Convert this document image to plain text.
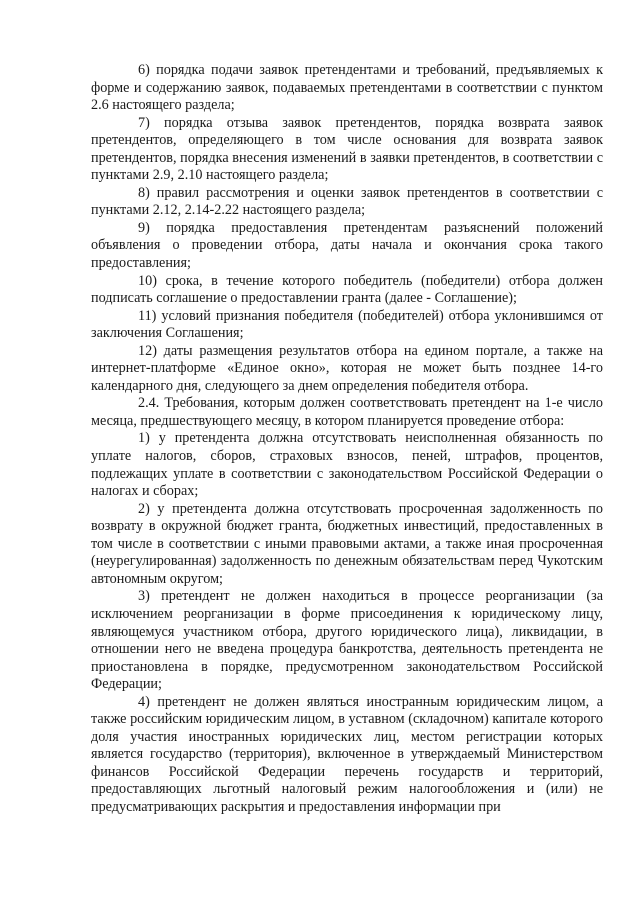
6) порядка подачи заявок претендентами и требований, предъявляемых к форме и содержанию заявок, подаваемых претендентами в соответствии с пунктом 2.6 настоящего раздела;

7) порядка отзыва заявок претендентов, порядка возврата заявок претендентов, определяющего в том числе основания для возврата заявок претендентов, порядка внесения изменений в заявки претендентов, в соответствии с пунктами 2.9, 2.10 настоящего раздела;

8) правил рассмотрения и оценки заявок претендентов в соответствии с пунктами 2.12, 2.14-2.22 настоящего раздела;

9) порядка предоставления претендентам разъяснений положений объявления о проведении отбора, даты начала и окончания срока такого предоставления;

10) срока, в течение которого победитель (победители) отбора должен подписать соглашение о предоставлении гранта (далее - Соглашение);

11) условий признания победителя (победителей) отбора уклонившимся от заключения Соглашения;

12) даты размещения результатов отбора на едином портале, а также на интернет-платформе «Единое окно», которая не может быть позднее 14-го календарного дня, следующего за днем определения победителя отбора.

2.4. Требования, которым должен соответствовать претендент на 1-е число месяца, предшествующего месяцу, в котором планируется проведение отбора:

1) у претендента должна отсутствовать неисполненная обязанность по уплате налогов, сборов, страховых взносов, пеней, штрафов, процентов, подлежащих уплате в соответствии с законодательством Российской Федерации о налогах и сборах;

2) у претендента должна отсутствовать просроченная задолженность по возврату в окружной бюджет гранта, бюджетных инвестиций, предоставленных в том числе в соответствии с иными правовыми актами, а также иная просроченная (неурегулированная) задолженность по денежным обязательствам перед Чукотским автономным округом;

3) претендент не должен находиться в процессе реорганизации (за исключением реорганизации в форме присоединения к юридическому лицу, являющемуся участником отбора, другого юридического лица), ликвидации, в отношении него не введена процедура банкротства, деятельность претендента не приостановлена в порядке, предусмотренном законодательством Российской Федерации;

4) претендент не должен являться иностранным юридическим лицом, а также российским юридическим лицом, в уставном (складочном) капитале которого доля участия иностранных юридических лиц, местом регистрации которых является государство (территория), включенное в утверждаемый Министерством финансов Российской Федерации перечень государств и территорий, предоставляющих льготный налоговый режим налогообложения и (или) не предусматривающих раскрытия и предоставления информации при
